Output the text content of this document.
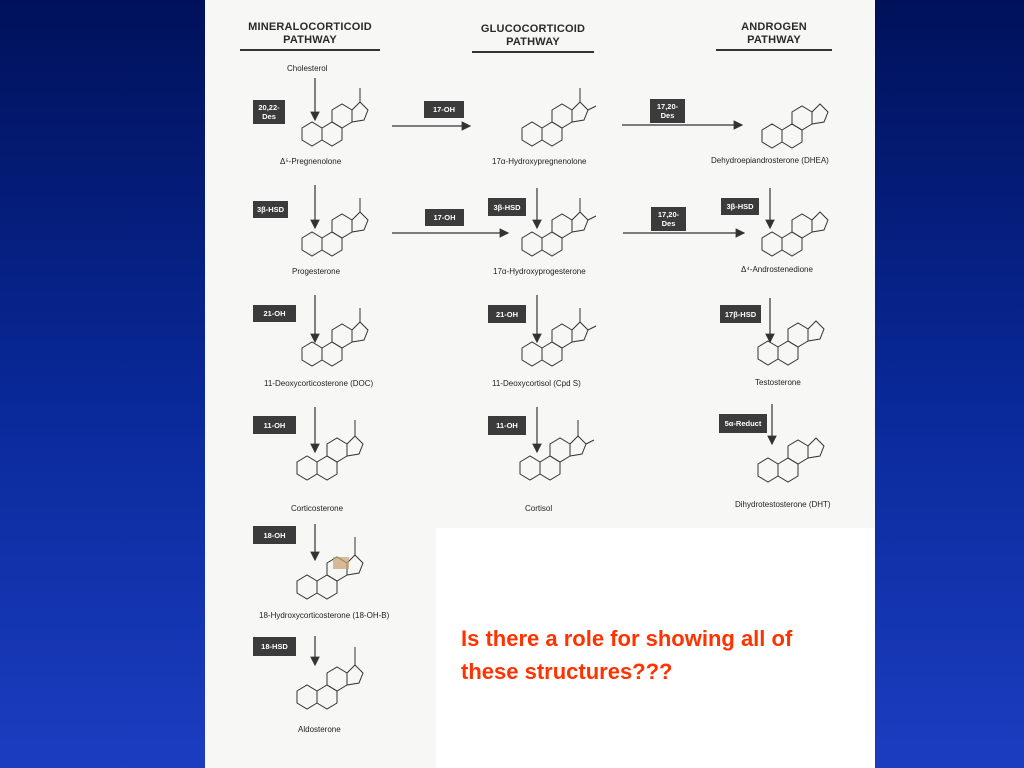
MINERALOCORTICOID
PATHWAY
GLUCOCORTICOID
PATHWAY
ANDROGEN
PATHWAY
Cholesterol
20,22-
Des
17-OH	17,20-
Des
3β-HSD
17-OH
3β-HSD
17,20-
Des
3β-HSD
21-OH	21-OH	17β-HSD
11-OH	11-OH	5α-Reduct
18-OH
18-HSD
Δ⁵-Pregnenolone	17α-Hydroxypregnenolone	Dehydroepiandrosterone (DHEA)
Progesterone	17α-Hydroxyprogesterone	Δ⁴-Androstenedione
11-Deoxycorticosterone (DOC)	11-Deoxycortisol (Cpd S)	Testosterone
Corticosterone	Cortisol	Dihydrotestosterone (DHT)
18-Hydroxycorticosterone (18-OH-B)
Aldosterone
Is there a role for showing all of these structures???
